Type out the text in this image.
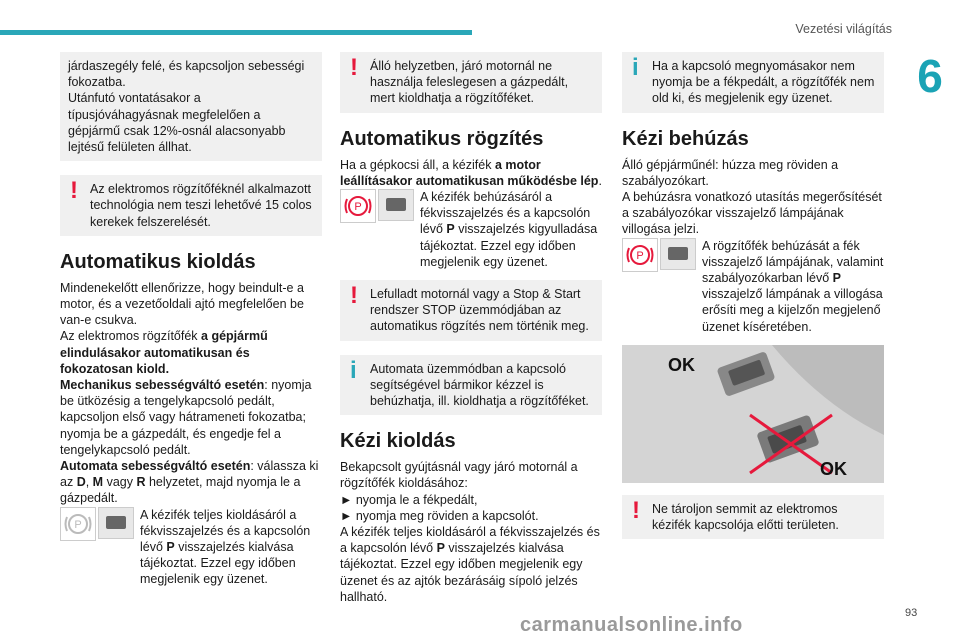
Vezetési világítás
6

járdaszegély felé, és kapcsoljon sebességi fokozatba.
Utánfutó vontatásakor a típusjóváhagyásnak megfelelően a gépjármű csak 12%-osnál alacsonyabb lejtésű felületen állhat.

! Az elektromos rögzítőféknél alkalmazott technológia nem teszi lehetővé 15 colos kerekek felszerelését.

Automatikus kioldás

Mindenekelőtt ellenőrizze, hogy beindult-e a motor, és a vezetőoldali ajtó megfelelően be van-e csukva.

Az elektromos rögzítőfék a gépjármű elindulásakor automatikusan és fokozatosan kiold.

Mechanikus sebességváltó esetén: nyomja be ütközésig a tengelykapcsoló pedált, kapcsoljon első vagy hátrameneti fokozatba; nyomja be a gázpedált, és engedje fel a tengelykapcsoló pedált.

Automata sebességváltó esetén: válassza ki az D, M vagy R helyzetet, majd nyomja le a gázpedált.

P

A kézifék teljes kioldásáról a fékvisszajelzés és a kapcsolón lévő P visszajelzés kialvása tájékoztat. Ezzel egy időben megjelenik egy üzenet.

! Álló helyzetben, járó motornál ne használja feleslegesen a gázpedált, mert kioldhatja a rögzítőféket.

Automatikus rögzítés

Ha a gépkocsi áll, a kézifék a motor leállításakor automatikusan működésbe lép.

P

A kézifék behúzásáról a fékvisszajelzés és a kapcsolón lévő P visszajelzés kigyulladása tájékoztat. Ezzel egy időben megjelenik egy üzenet.

! Lefulladt motornál vagy a Stop & Start rendszer STOP üzemmódjában az automatikus rögzítés nem történik meg.

i	Automata üzemmódban a kapcsoló segítségével bármikor kézzel is behúzhatja, ill. kioldhatja a rögzítőféket.

Kézi kioldás

Bekapcsolt gyújtásnál vagy járó motornál a rögzítőfék kioldásához:

► nyomja le a fékpedált,

► nyomja meg röviden a kapcsolót.

A kézifék teljes kioldásáról a fékvisszajelzés és a kapcsolón lévő P visszajelzés kialvása tájékoztat. Ezzel egy időben megjelenik egy üzenet és az ajtók bezárásáig sípoló jelzés hallható.

i	Ha a kapcsoló megnyomásakor nem nyomja be a fékpedált, a rögzítőfék nem old ki, és megjelenik egy üzenet.

Kézi behúzás

Álló gépjárműnél: húzza meg röviden a szabályozókart.

A behúzásra vonatkozó utasítás megerősítését a szabályozókar visszajelző lámpájának villogása jelzi.

P

A rögzítőfék behúzását a fék visszajelző lámpájának, valamint szabályozókarban lévő P visszajelző lámpának a villogása erősíti meg a kijelzőn megjelenő üzenet kíséretében.

OK
OK
! Ne tároljon semmit az elektromos kézifék kapcsolója előtti területen.

93
carmanualsonline.info
